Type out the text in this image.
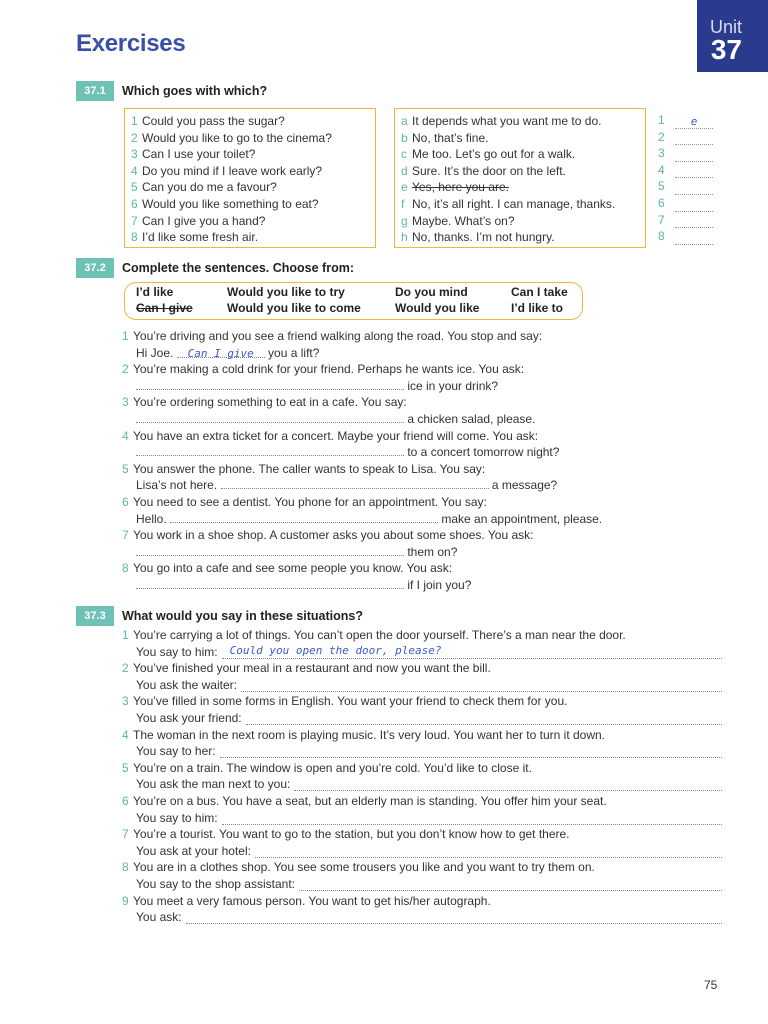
Exercises
Unit
37
37.1	Which goes with which?
1 Could you pass the sugar?
2 Would you like to go to the cinema?
3 Can I use your toilet?
4 Do you mind if I leave work early?
5 Can you do me a favour?
6 Would you like something to eat?
7 Can I give you a hand?
8 I’d like some fresh air.
a It depends what you want me to do.
b No, that’s fine.
c Me too. Let’s go out for a walk.
d Sure. It’s the door on the left.
e Yes, here you are.
f No, it’s all right. I can manage, thanks.
g Maybe. What’s on?
h No, thanks. I’m not hungry.
1	e
2
3
4
5
6
7
8
37.2	Complete the sentences. Choose from:
I’d like
Can I give
Would you like to try
Would you like to come
Do you mind
Would you like
Can I take
I’d like to
1 You’re driving and you see a friend walking along the road. You stop and say:
Hi Joe. Can I give you a lift?
2 You’re making a cold drink for your friend. Perhaps he wants ice. You ask:
ice in your drink?
3 You’re ordering something to eat in a cafe. You say:
a chicken salad, please.
4 You have an extra ticket for a concert. Maybe your friend will come. You ask:
to a concert tomorrow night?
5 You answer the phone. The caller wants to speak to Lisa. You say:
Lisa’s not here.	a message?
6 You need to see a dentist. You phone for an appointment. You say:
Hello.	make an appointment, please.
7 You work in a shoe shop. A customer asks you about some shoes. You ask:
them on?
8 You go into a cafe and see some people you know. You ask:
if I join you?
37.3	What would you say in these situations?
1 You’re carrying a lot of things. You can’t open the door yourself. There’s a man near the door.
You say to him:	Could you open the door, please?
2 You’ve finished your meal in a restaurant and now you want the bill.
You ask the waiter:
3 You’ve filled in some forms in English. You want your friend to check them for you.
You ask your friend:
4 The woman in the next room is playing music. It’s very loud. You want her to turn it down.
You say to her:
5 You’re on a train. The window is open and you’re cold. You’d like to close it.
You ask the man next to you:
6 You’re on a bus. You have a seat, but an elderly man is standing. You offer him your seat.
You say to him:
7 You’re a tourist. You want to go to the station, but you don’t know how to get there.
You ask at your hotel:
8 You are in a clothes shop. You see some trousers you like and you want to try them on.
You say to the shop assistant:
9 You meet a very famous person. You want to get his/her autograph.
You ask:
75
